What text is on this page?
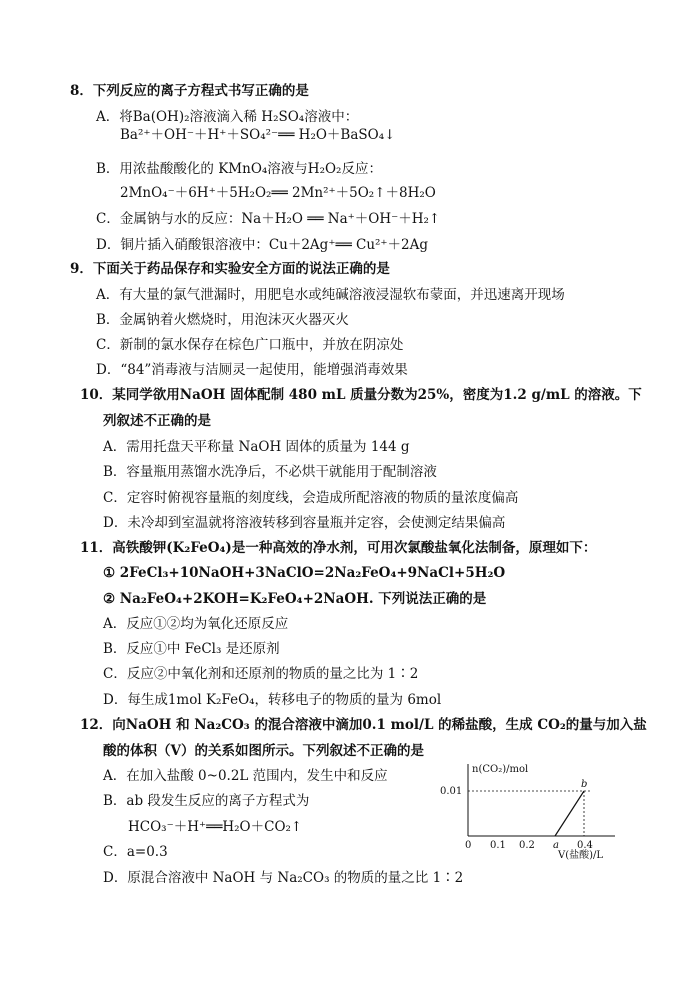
8．下列反应的离子方程式书写正确的是
A．将Ba(OH)₂溶液滴入稀 H₂SO₄溶液中：
Ba²⁺＋OH⁻＋H⁺＋SO₄²⁻══ H₂O＋BaSO₄↓
B．用浓盐酸酸化的 KMnO₄溶液与H₂O₂反应：
2MnO₄⁻＋6H⁺＋5H₂O₂══ 2Mn²⁺＋5O₂↑＋8H₂O
C．金属钠与水的反应：Na＋H₂O ══ Na⁺＋OH⁻＋H₂↑
D．铜片插入硝酸银溶液中：Cu＋2Ag⁺══ Cu²⁺＋2Ag
9．下面关于药品保存和实验安全方面的说法正确的是
A．有大量的氯气泄漏时，用肥皂水或纯碱溶液浸湿软布蒙面，并迅速离开现场
B．金属钠着火燃烧时，用泡沫灭火器灭火
C．新制的氯水保存在棕色广口瓶中，并放在阴凉处
D．“84”消毒液与洁厕灵一起使用，能增强消毒效果
10．某同学欲用NaOH 固体配制 480 mL 质量分数为25%，密度为1.2 g/mL 的溶液。下
列叙述不正确的是
A．需用托盘天平称量 NaOH 固体的质量为 144 g
B．容量瓶用蒸馏水洗净后，不必烘干就能用于配制溶液
C．定容时俯视容量瓶的刻度线，会造成所配溶液的物质的量浓度偏高
D．未冷却到室温就将溶液转移到容量瓶并定容，会使测定结果偏高
11．高铁酸钾(K₂FeO₄)是一种高效的净水剂，可用次氯酸盐氧化法制备，原理如下：
① 2FeCl₃+10NaOH+3NaClO=2Na₂FeO₄+9NaCl+5H₂O
② Na₂FeO₄+2KOH=K₂FeO₄+2NaOH. 下列说法正确的是
A．反应①②均为氧化还原反应
B．反应①中 FeCl₃ 是还原剂
C．反应②中氧化剂和还原剂的物质的量之比为 1∶2
D．每生成1mol K₂FeO₄，转移电子的物质的量为 6mol
12．向NaOH 和 Na₂CO₃ 的混合溶液中滴加0.1 mol/L 的稀盐酸，生成 CO₂的量与加入盐
酸的体积（V）的关系如图所示。下列叙述不正确的是
A．在加入盐酸 0~0.2L 范围内，发生中和反应
B．ab 段发生反应的离子方程式为
HCO₃⁻＋H⁺══H₂O＋CO₂↑
C．a=0.3
D．原混合溶液中 NaOH 与 Na₂CO₃ 的物质的量之比 1∶2
0 0.1 0.2 a 0.4
0.01
b
n(CO₂)/mol
V(盐酸)/L
